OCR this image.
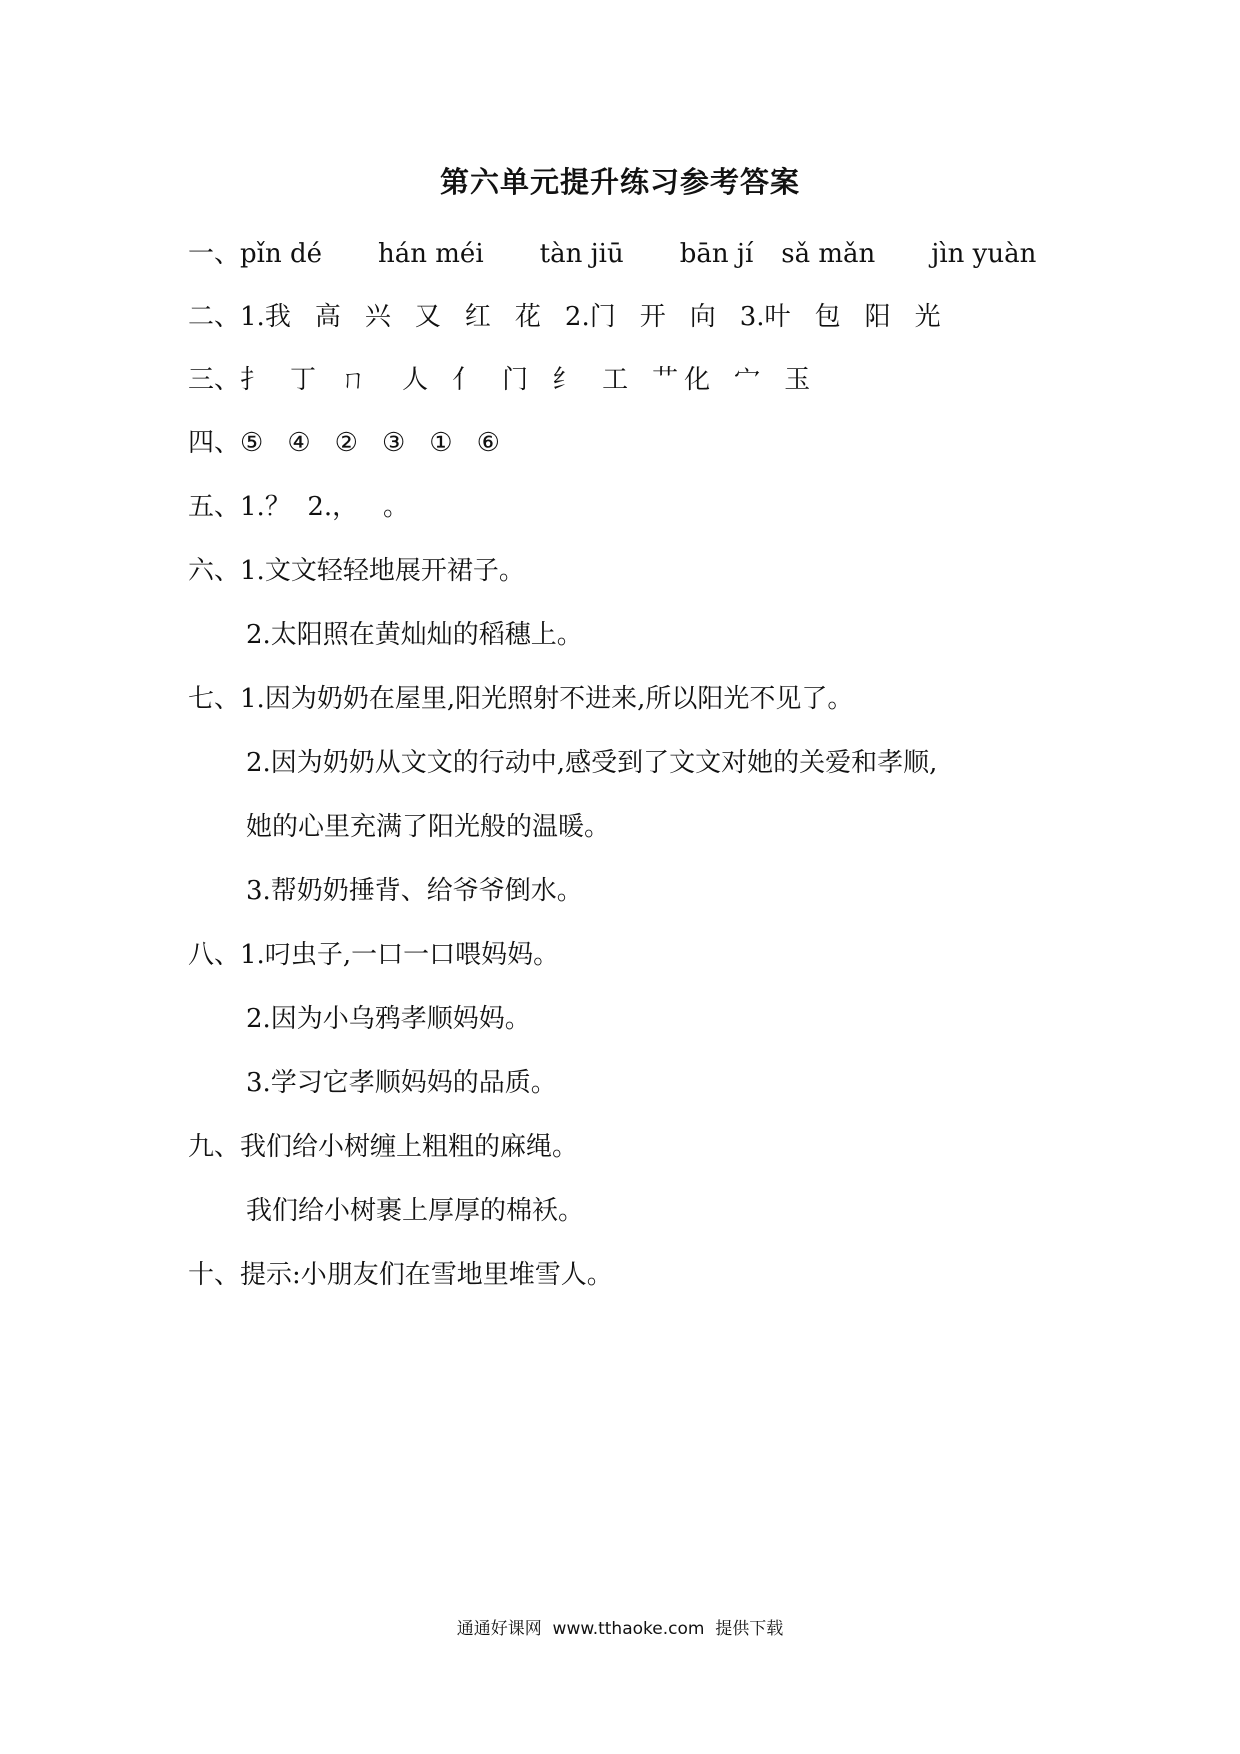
第六单元提升练习参考答案
一、pǐn dé hán méi tàn jiū bān jí sǎ mǎn jìn yuàn
二、1.我 高 兴 又 红 花 2.门 开 向 3.叶 包 阳 光
三、扌 丁 ㄇ 人 亻 门 纟 工 艹 化 宀 玉
四、⑤ ④ ② ③ ① ⑥
五、1.？  2.，   。
六、1.文文轻轻地展开裙子。
2.太阳照在黄灿灿的稻穗上。
七、1.因为奶奶在屋里,阳光照射不进来,所以阳光不见了。
2.因为奶奶从文文的行动中,感受到了文文对她的关爱和孝顺,
她的心里充满了阳光般的温暖。
3.帮奶奶捶背、给爷爷倒水。
八、1.叼虫子,一口一口喂妈妈。
2.因为小乌鸦孝顺妈妈。
3.学习它孝顺妈妈的品质。
九、我们给小树缠上粗粗的麻绳。
我们给小树裹上厚厚的棉袄。
十、提示:小朋友们在雪地里堆雪人。
通通好课网  www.tthaoke.com  提供下载
